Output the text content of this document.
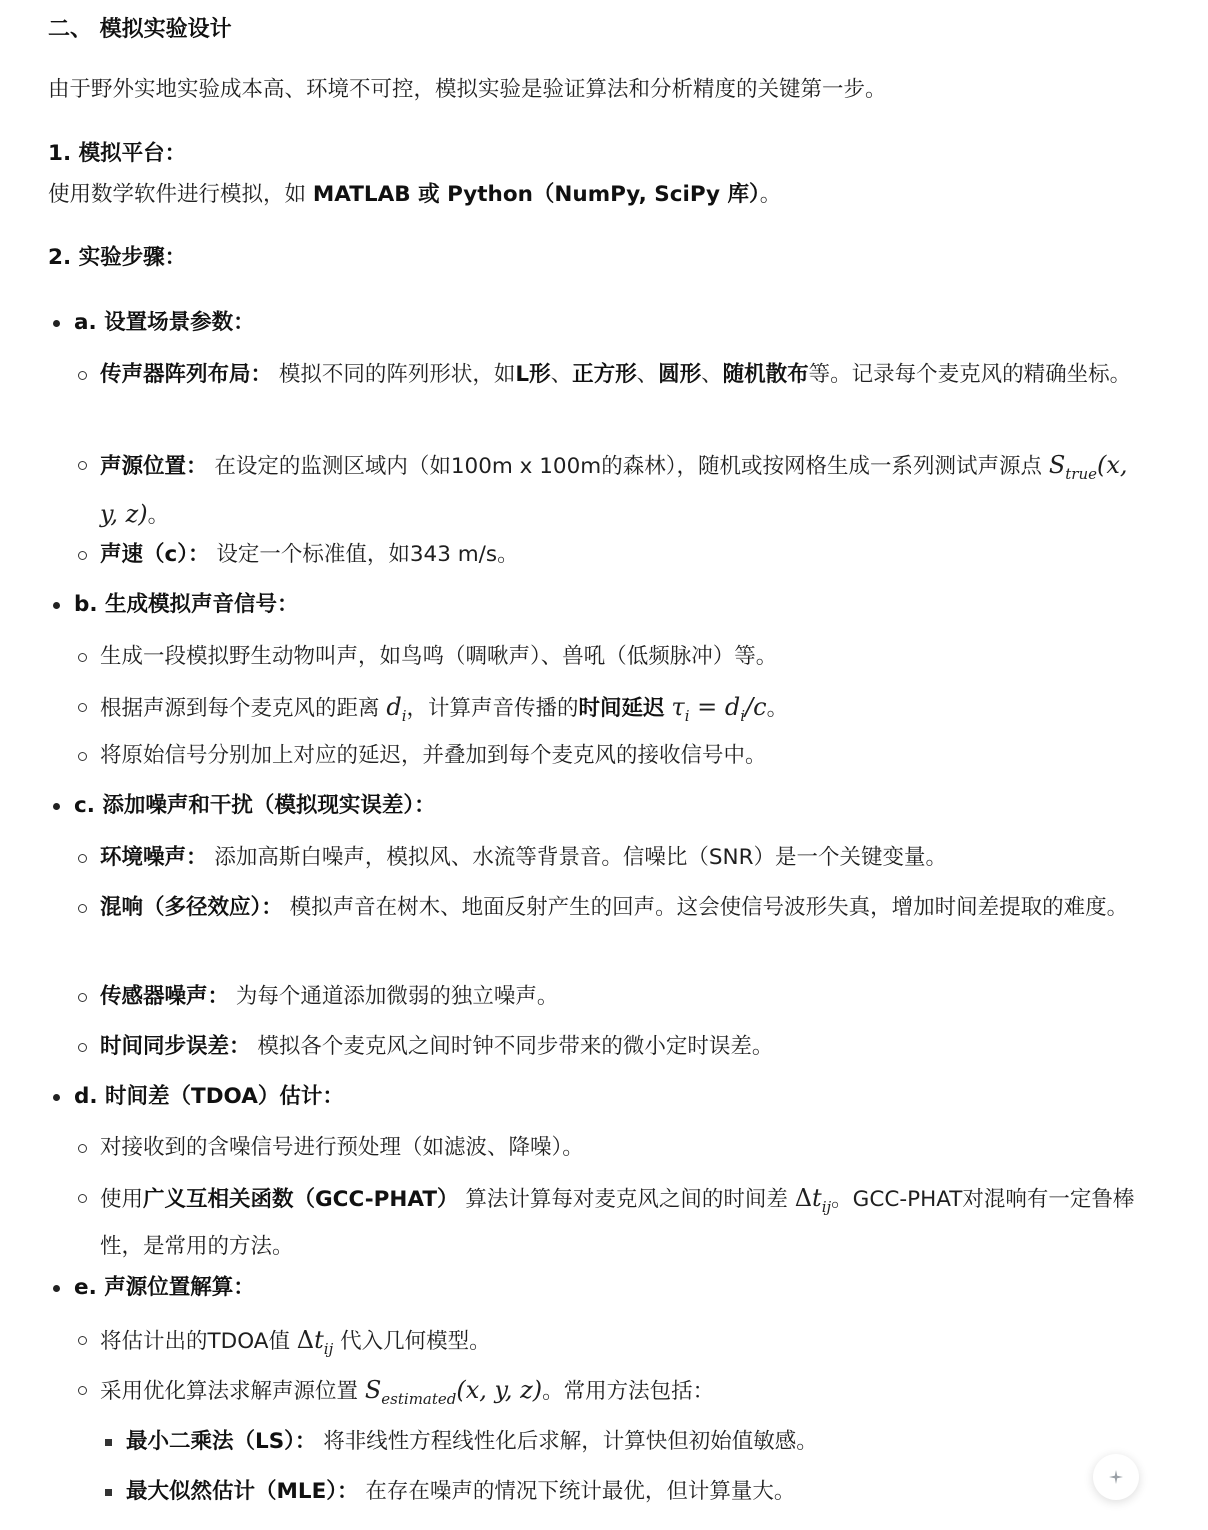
二、 模拟实验设计
由于野外实地实验成本高、环境不可控，模拟实验是验证算法和分析精度的关键第一步。
1. 模拟平台：
使用数学软件进行模拟，如 MATLAB 或 Python（NumPy, SciPy 库）。
2. 实验步骤：
a. 设置场景参数：
传声器阵列布局： 模拟不同的阵列形状，如L形、正方形、圆形、随机散布等。记录每个麦克风的精确坐标。
声源位置： 在设定的监测区域内（如100m x 100m的森林），随机或按网格生成一系列测试声源点 $S_{true}(x$, y, z)。
声速（c）： 设定一个标准值，如343 m/s。
b. 生成模拟声音信号：
生成一段模拟野生动物叫声，如鸟鸣（啁啾声）、兽吼（低频脉冲）等。
根据声源到每个麦克风的距离 $d_i$，计算声音传播的时间延迟 $\tau_i = d_i/c$。
将原始信号分别加上对应的延迟，并叠加到每个麦克风的接收信号中。
c. 添加噪声和干扰（模拟现实误差）：
环境噪声： 添加高斯白噪声，模拟风、水流等背景音。信噪比（SNR）是一个关键变量。
混响（多径效应）： 模拟声音在树木、地面反射产生的回声。这会使信号波形失真，增加时间差提取的难度。
传感器噪声： 为每个通道添加微弱的独立噪声。
时间同步误差： 模拟各个麦克风之间时钟不同步带来的微小定时误差。
d. 时间差（TDOA）估计：
对接收到的含噪信号进行预处理（如滤波、降噪）。
使用广义互相关函数（GCC-PHAT） 算法计算每对麦克风之间的时间差 $\Delta t_{ij}$。GCC-PHAT对混响有一定鲁棒性，是常用的方法。
e. 声源位置解算：
将估计出的TDOA值 $\Delta t_{ij}$ 代入几何模型。
采用优化算法求解声源位置 $S_{estimated}(x$, y, z)。常用方法包括：
最小二乘法（LS）： 将非线性方程线性化后求解，计算快但初始值敏感。
最大似然估计（MLE）： 在存在噪声的情况下统计最优，但计算量大。
